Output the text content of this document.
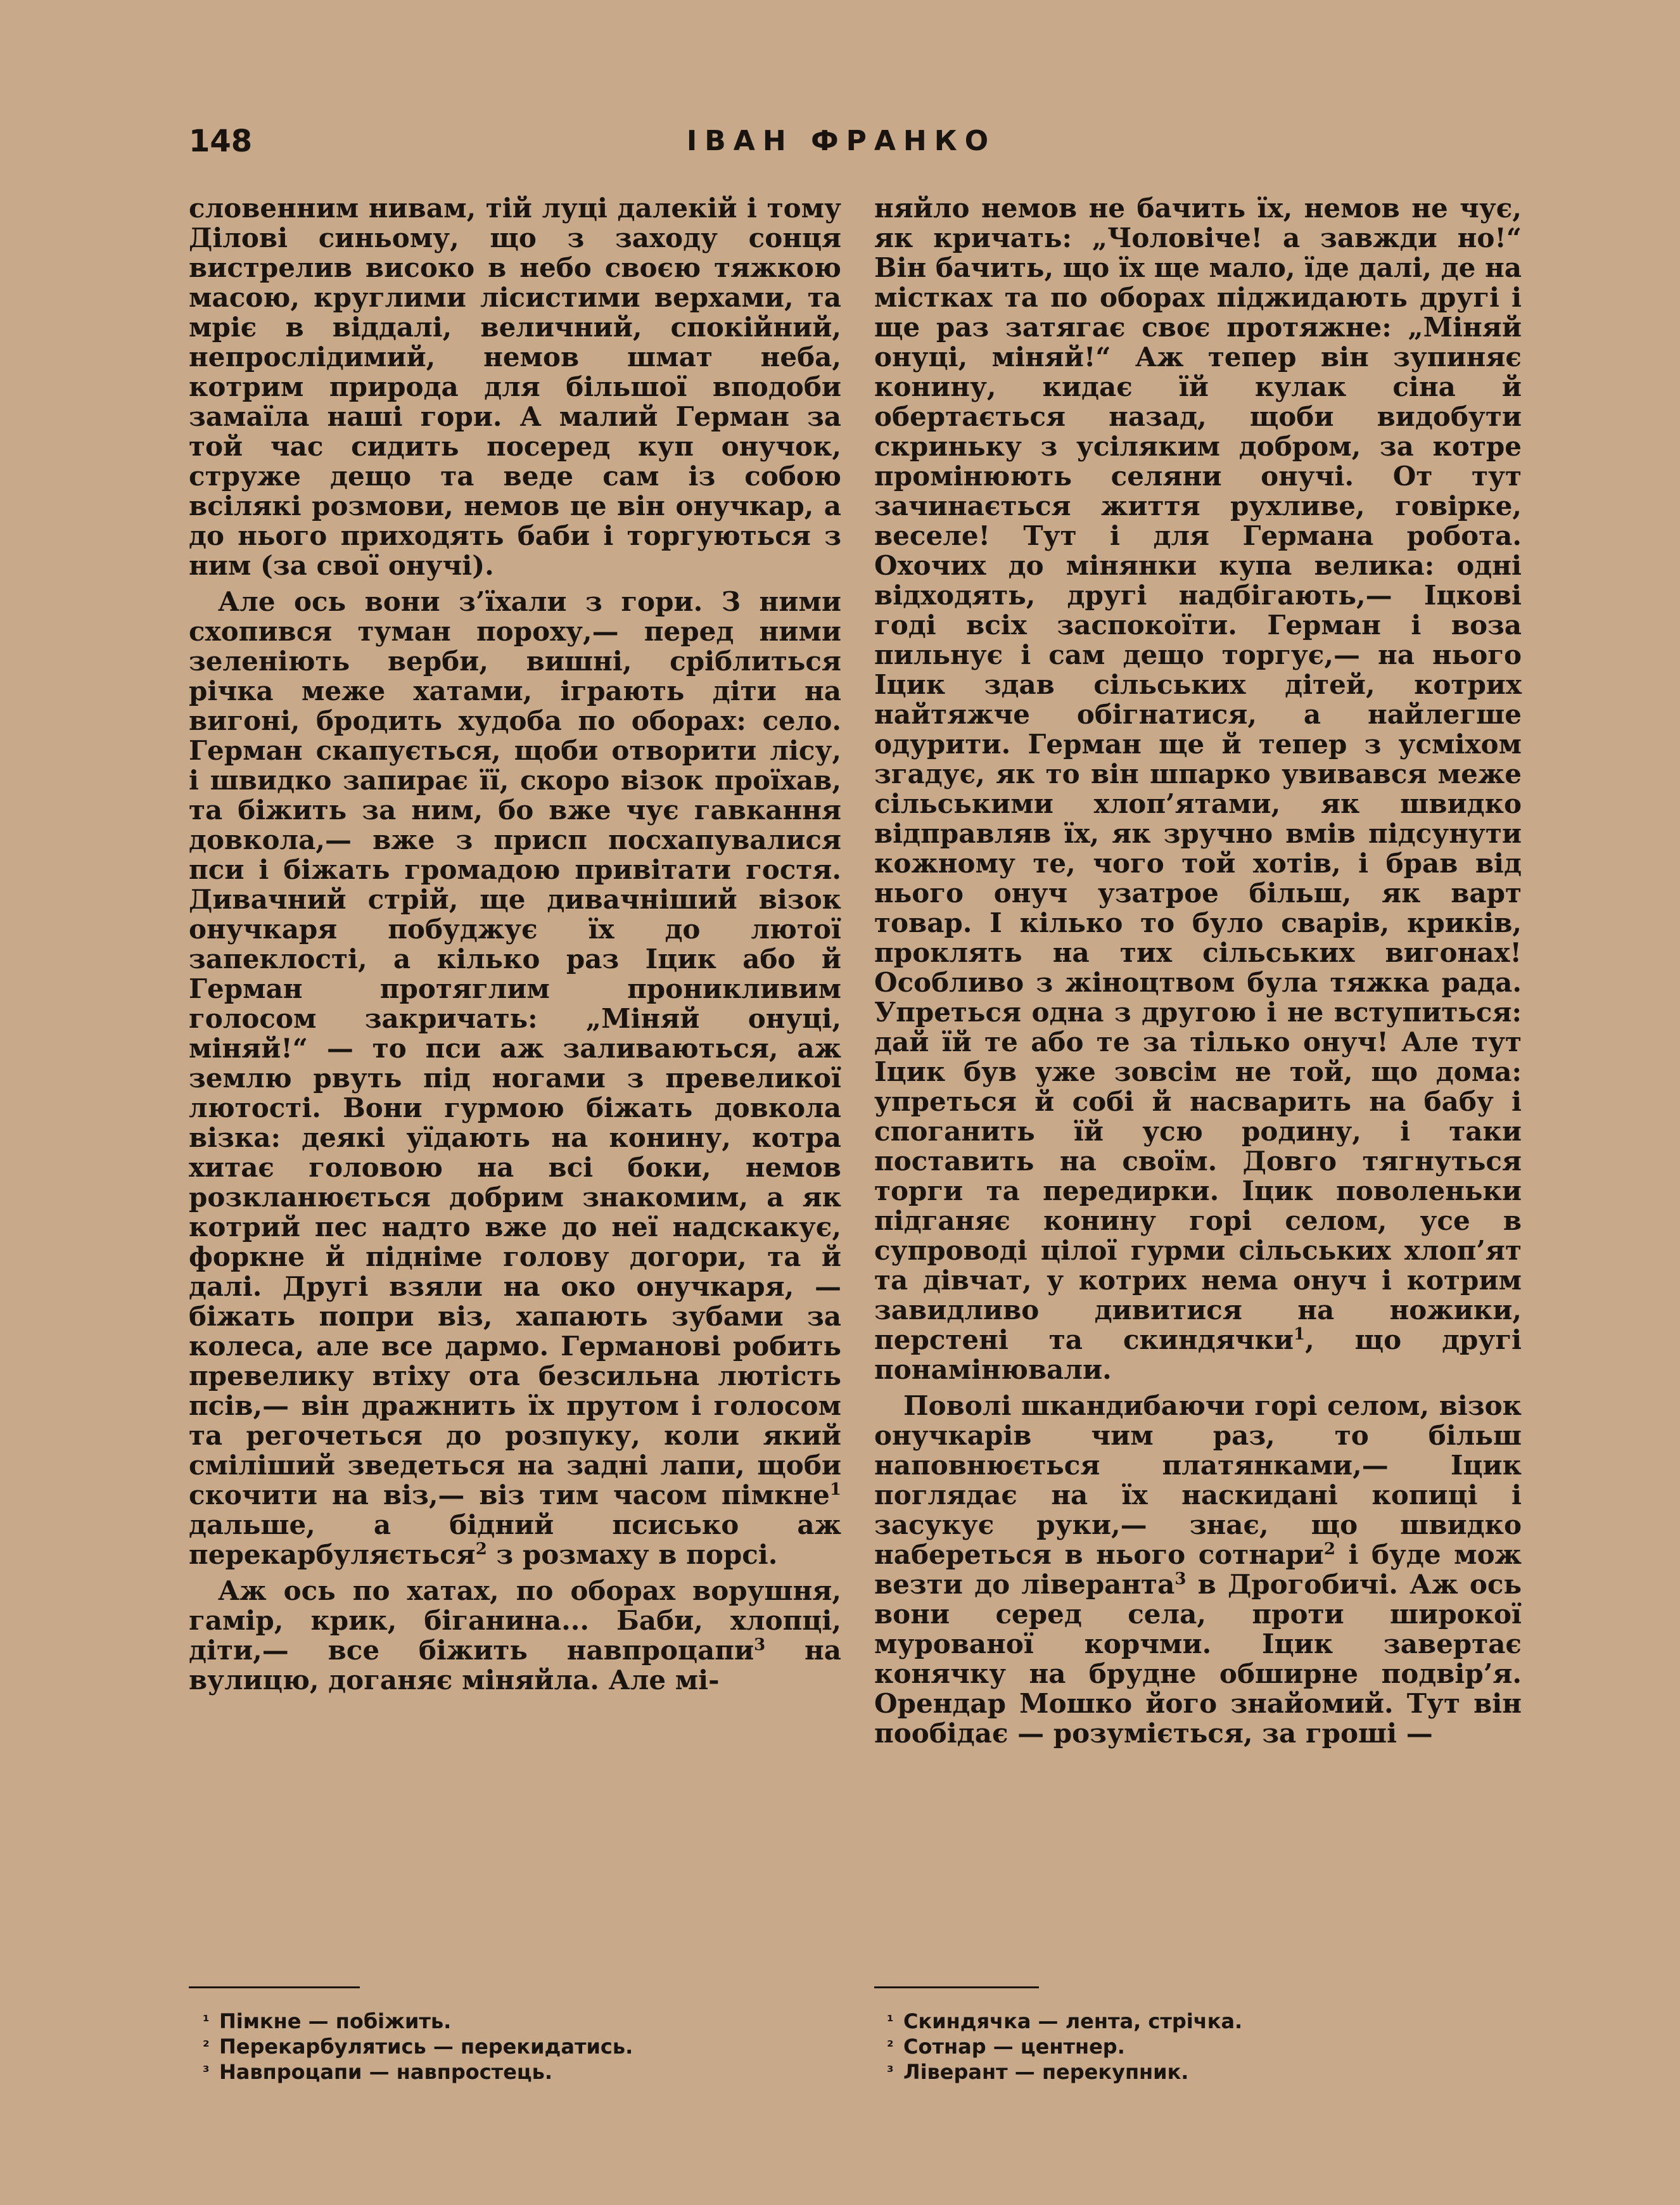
148	ІВАН ФРАНКО

словенним нивам, тій луці далекій і тому Ділові синьому, що з заходу сонця вистрелив високо в небо своєю тяжкою масою, круглими лісистими верхами, та мріє в віддалі, величний, спокійний, непрослідимий, немов шмат неба, котрим природа для більшої вподоби замаїла наші гори. А малий Герман за той час сидить посеред куп онучок, струже дещо та веде сам із собою всілякі розмови, немов це він онучкар, а до нього приходять баби і торгуються з ним (за свої онучі).

Але ось вони з’їхали з гори. З ними схопився туман пороху,— перед ними зеленіють верби, вишні, сріблиться річка меже хатами, іграють діти на вигоні, бродить худоба по оборах: село. Герман скапується, щоби отворити лісу, і швидко запирає її, скоро візок проїхав, та біжить за ним, бо вже чує гавкання довкола,— вже з присп посхапувалися пси і біжать громадою привітати гостя. Дивачний стрій, ще дивачніший візок онучкаря побуджує їх до лютої запеклості, а кілько раз Іцик або й Герман протяглим проникливим голосом закричать: „Міняй онуці, міняй!“ — то пси аж заливаються, аж землю рвуть під ногами з превеликої лютості. Вони гурмою біжать довкола візка: деякі уїдають на конину, котра хитає головою на всі боки, немов розкланюється добрим знакомим, а як котрий пес надто вже до неї надскакує, форкне й підніме голову догори, та й далі. Другі взяли на око онучкаря, — біжать попри віз, хапають зубами за колеса, але все дармо. Германові робить превелику втіху ота безсильна лютість псів,— він дражнить їх прутом і голосом та регочеться до розпуку, коли який сміліший зведеться на задні лапи, щоби скочити на віз,— віз тим часом пімкне$^1$ дальше, а бідний псисько аж перекарбуляється$^2$ з розмаху в порсі.

Аж ось по хатах, по оборах ворушня, гамір, крик, біганина... Баби, хлопці, діти,— все біжить навпроцапи$^3$ на вулицю, доганяє міняйла. Але мі-

няйло немов не бачить їх, немов не чує, як кричать: „Чоловіче! а завжди но!“ Він бачить, що їх ще мало, їде далі, де на містках та по оборах піджидають другі і ще раз затягає своє протяжне: „Міняй онуці, міняй!“ Аж тепер він зупиняє конину, кидає їй кулак сіна й обертається назад, щоби видобути скриньку з усіляким добром, за котре промінюють селяни онучі. От тут зачинається життя рухливе, говірке, веселе! Тут і для Германа робота. Охочих до мінянки купа велика: одні відходять, другі надбігають,— Іцкові годі всіх заспокоїти. Герман і воза пильнує і сам дещо торгує,— на нього Іцик здав сільських дітей, котрих найтяжче обігнатися, а найлегше одурити. Герман ще й тепер з усміхом згадує, як то він шпарко увивався меже сільськими хлоп’ятами, як швидко відправляв їх, як зручно вмів підсунути кожному те, чого той хотів, і брав від нього онуч узатрое більш, як варт товар. І кілько то було сварів, криків, проклять на тих сільських вигонах! Особливо з жіноцтвом була тяжка рада. Упреться одна з другою і не вступиться: дай їй те або те за тілько онуч! Але тут Іцик був уже зовсім не той, що дома: упреться й собі й насварить на бабу і споганить їй усю родину, і таки поставить на своїм. Довго тягнуться торги та передирки. Іцик поволеньки підганяє конину горі селом, усе в супроводі цілої гурми сільських хлоп’ят та дівчат, у котрих нема онуч і котрим завидливо дивитися на ножики, перстені та скиндячки$^1$, що другі понамінювали.

Поволі шкандибаючи горі селом, візок онучкарів чим раз, то більш наповнюється платянками,— Іцик поглядає на їх наскидані копиці і засукує руки,— знає, що швидко набереться в нього сотнари$^2$ і буде мож везти до ліверанта$^3$ в Дрогобичі. Аж ось вони серед села, проти широкої мурованої корчми. Іцик завертає конячку на брудне обширне подвір’я. Орендар Мошко його знайомий. Тут він пообідає — розуміється, за гроші —

¹ Пімкне — побіжить.

² Перекарбулятись — перекидатись.

³ Навпроцапи — навпростець.

¹ Скиндячка — лента, стрічка.

² Сотнар — центнер.

³ Ліверант — перекупник.
